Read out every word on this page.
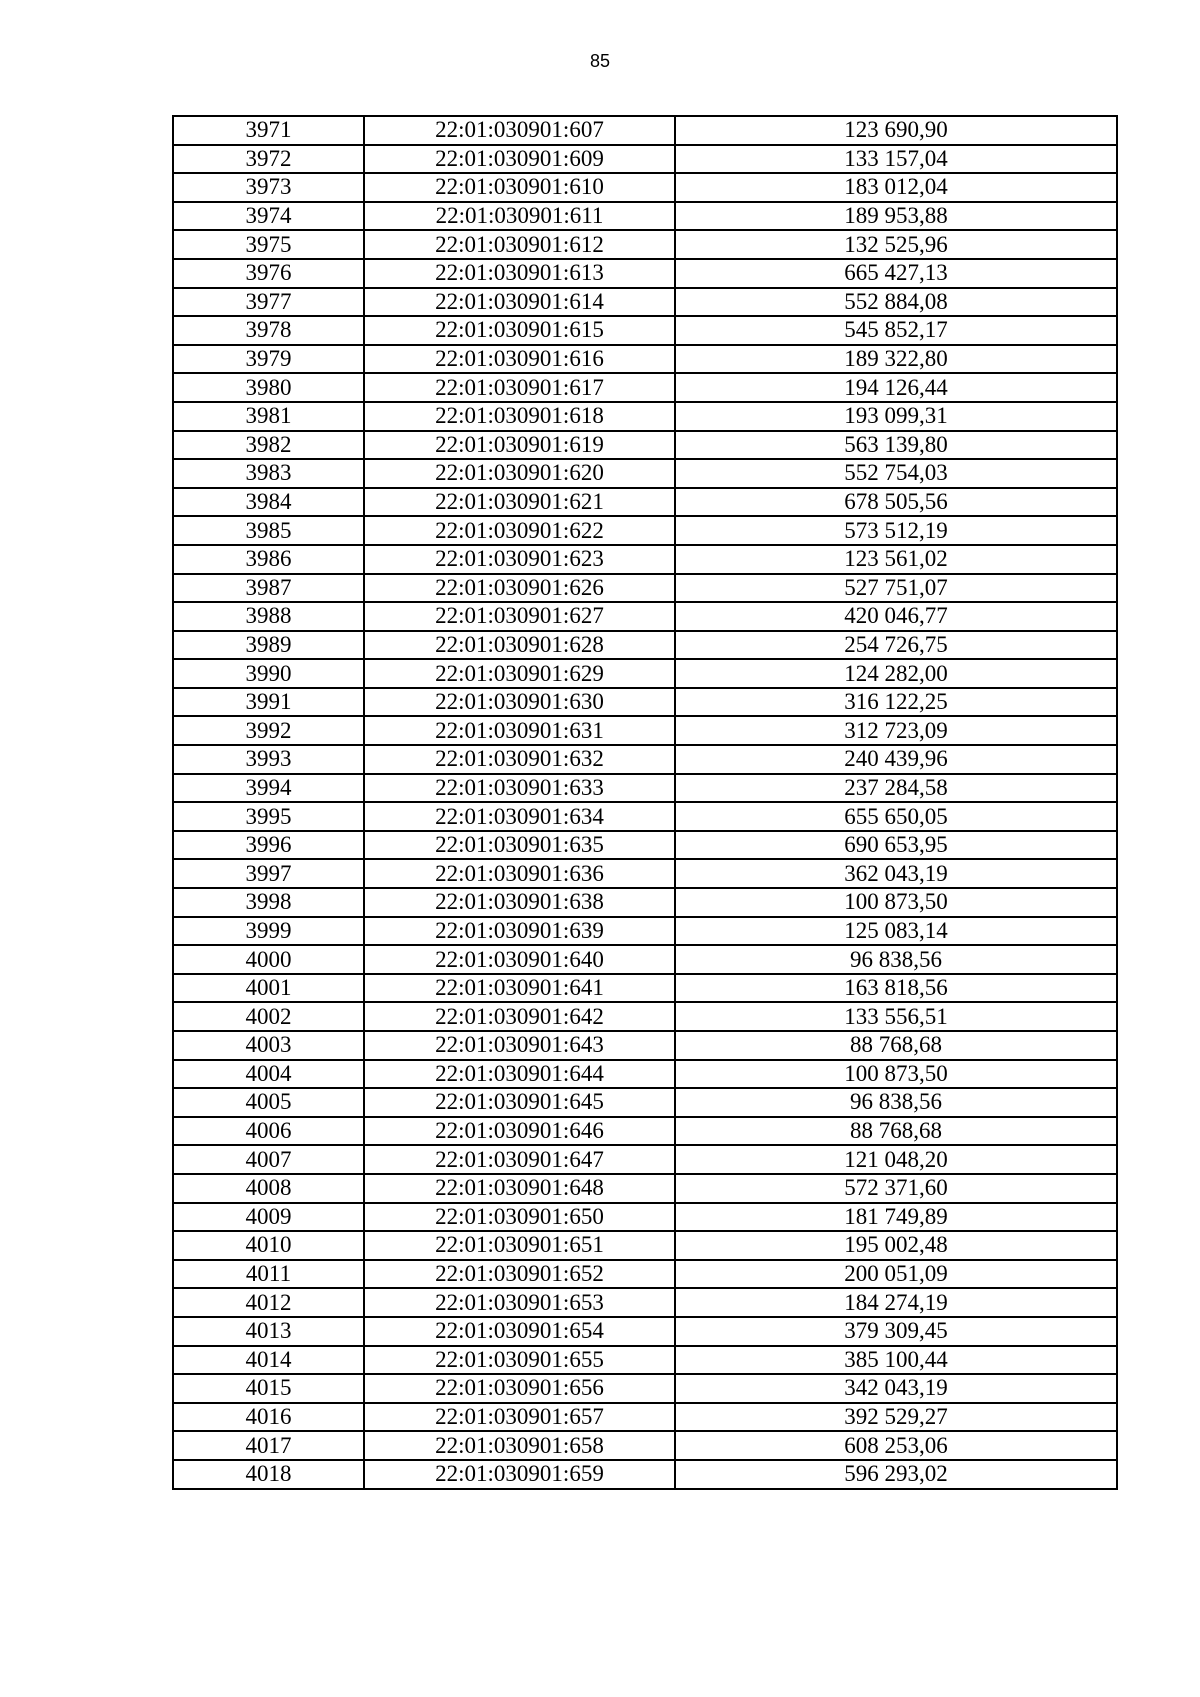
85
3971	22:01:030901:607	123 690,90
3972	22:01:030901:609	133 157,04
3973	22:01:030901:610	183 012,04
3974	22:01:030901:611	189 953,88
3975	22:01:030901:612	132 525,96
3976	22:01:030901:613	665 427,13
3977	22:01:030901:614	552 884,08
3978	22:01:030901:615	545 852,17
3979	22:01:030901:616	189 322,80
3980	22:01:030901:617	194 126,44
3981	22:01:030901:618	193 099,31
3982	22:01:030901:619	563 139,80
3983	22:01:030901:620	552 754,03
3984	22:01:030901:621	678 505,56
3985	22:01:030901:622	573 512,19
3986	22:01:030901:623	123 561,02
3987	22:01:030901:626	527 751,07
3988	22:01:030901:627	420 046,77
3989	22:01:030901:628	254 726,75
3990	22:01:030901:629	124 282,00
3991	22:01:030901:630	316 122,25
3992	22:01:030901:631	312 723,09
3993	22:01:030901:632	240 439,96
3994	22:01:030901:633	237 284,58
3995	22:01:030901:634	655 650,05
3996	22:01:030901:635	690 653,95
3997	22:01:030901:636	362 043,19
3998	22:01:030901:638	100 873,50
3999	22:01:030901:639	125 083,14
4000	22:01:030901:640	96 838,56
4001	22:01:030901:641	163 818,56
4002	22:01:030901:642	133 556,51
4003	22:01:030901:643	88 768,68
4004	22:01:030901:644	100 873,50
4005	22:01:030901:645	96 838,56
4006	22:01:030901:646	88 768,68
4007	22:01:030901:647	121 048,20
4008	22:01:030901:648	572 371,60
4009	22:01:030901:650	181 749,89
4010	22:01:030901:651	195 002,48
4011	22:01:030901:652	200 051,09
4012	22:01:030901:653	184 274,19
4013	22:01:030901:654	379 309,45
4014	22:01:030901:655	385 100,44
4015	22:01:030901:656	342 043,19
4016	22:01:030901:657	392 529,27
4017	22:01:030901:658	608 253,06
4018	22:01:030901:659	596 293,02
